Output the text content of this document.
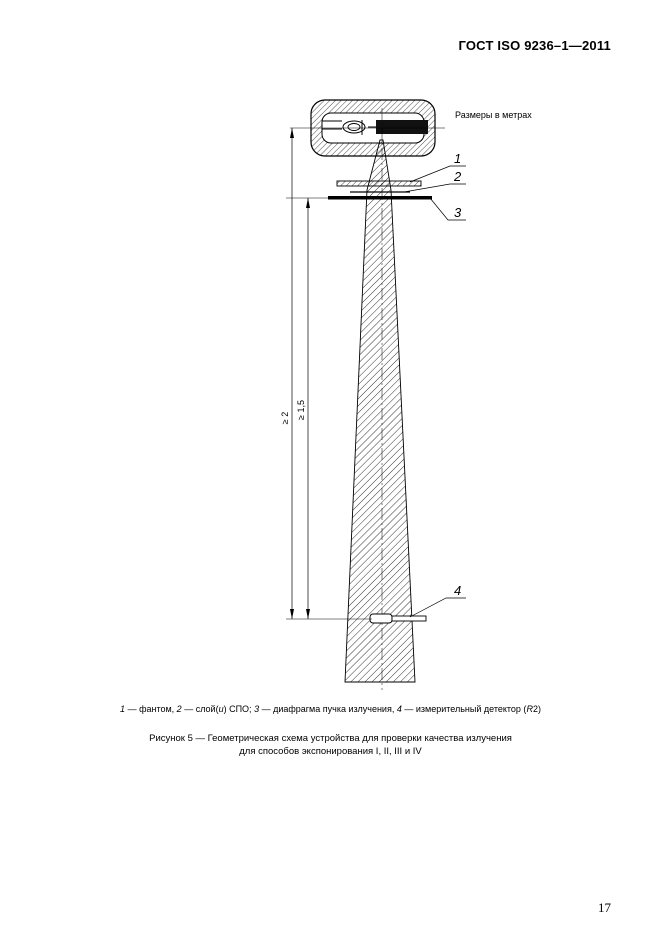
ГОСТ ISO 9236–1—2011
Размеры в метрах
≥ 2 ≥ 1,5
1
2
3
4
1 — фантом, 2 — слой(и) СПО; 3 — диафрагма пучка излучения, 4 — измерительный детектор (R2)
Рисунок 5 — Геометрическая схема устройства для проверки качества излучения
для способов экспонирования I, II, III и IV
17
